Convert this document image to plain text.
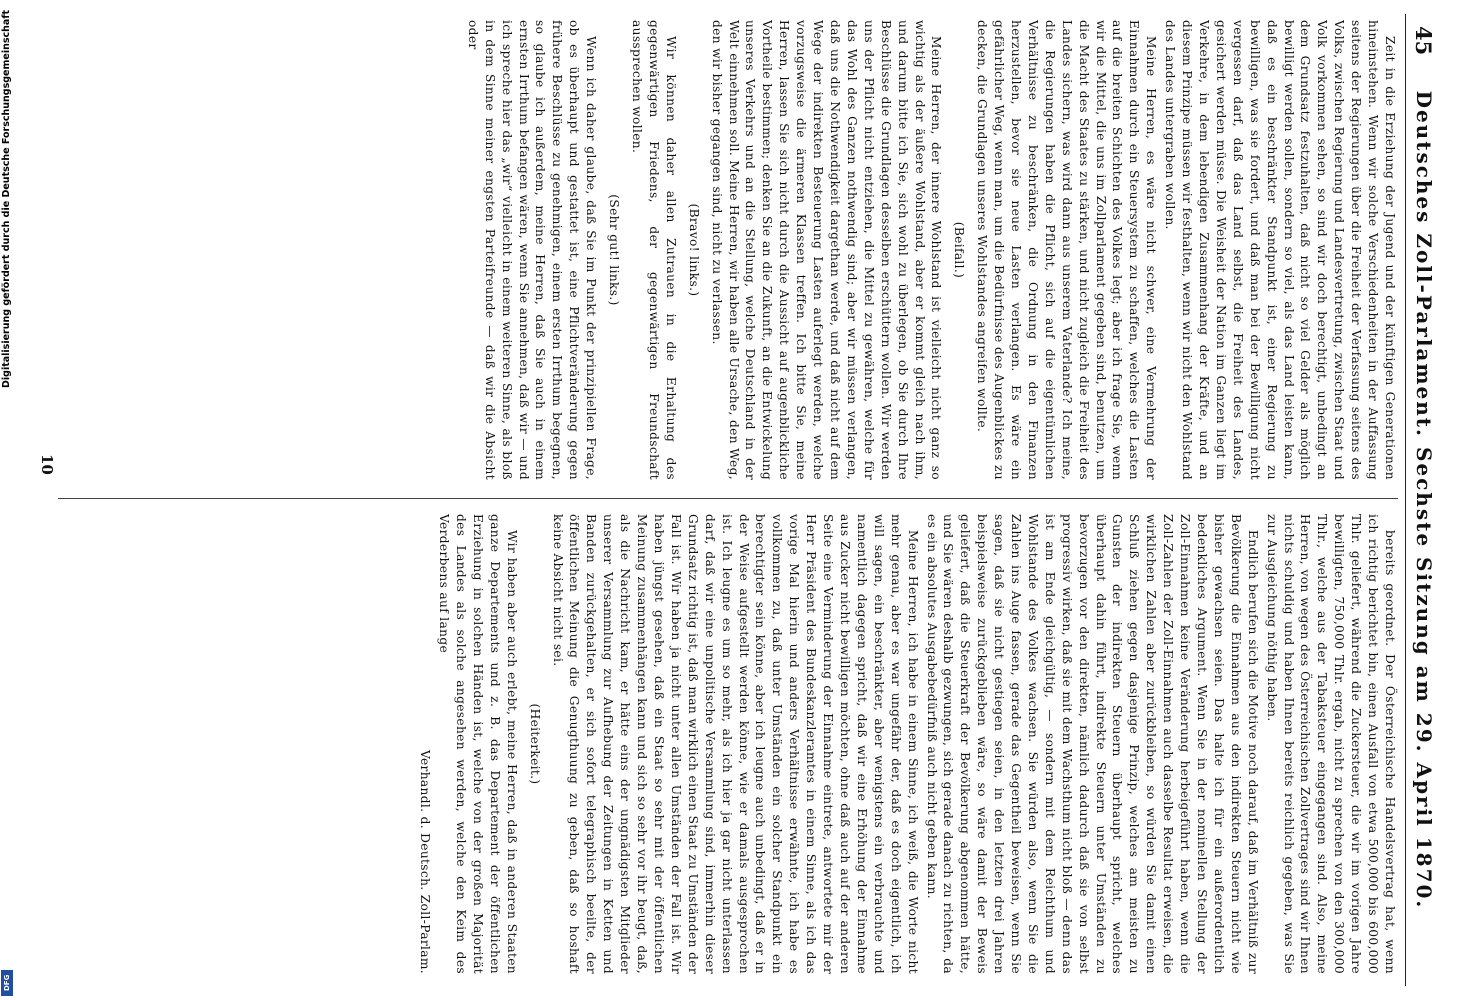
Digitalisierung gefördert durch die Deutsche Forschungsgemeinschaft
DFG
45
Deutsches Zoll-Parlament. Sechste Sitzung am 29. April 1870.

Zeit in die Erziehung der Jugend und der künftigen Generationen hineinstehen. Wenn wir solche Verschiedenheiten in der Auffassung seitens der Regierungen über die Freiheit der Verfassung seitens des Volks, zwischen Regierung und Landesvertretung, zwischen Staat und Volk vorkommen sehen, so sind wir doch berechtigt, unbedingt an dem Grundsatz festzuhalten, daß nicht so viel Gelder als möglich bewilligt werden sollen, sondern so viel, als das Land leisten kann, daß es ein beschränkter Standpunkt ist, einer Regierung zu bewilligen, was sie fordert, und daß man bei der Bewilligung nicht vergessen darf, daß das Land selbst, die Freiheit des Landes, gesichert werden müsse. Die Weisheit der Nation im Ganzen liegt im Verkehre, in dem lebendigen Zusammenhang der Kräfte, und an diesem Prinzipe müssen wir festhalten, wenn wir nicht den Wohlstand des Landes untergraben wollen.

Meine Herren, es wäre nicht schwer, eine Vermehrung der Einnahmen durch ein Steuersystem zu schaffen, welches die Lasten auf die breiten Schichten des Volkes legt; aber ich frage Sie, wenn wir die Mittel, die uns im Zollparlament gegeben sind, benutzen, um die Macht des Staates zu stärken, und nicht zugleich die Freiheit des Landes sichern, was wird dann aus unserem Vaterlande? Ich meine, die Regierungen haben die Pflicht, sich auf die eigentümlichen Verhältnisse zu beschränken, die Ordnung in den Finanzen herzustellen, bevor sie neue Lasten verlangen. Es wäre ein gefährlicher Weg, wenn man, um die Bedürfnisse des Augenblickes zu decken, die Grundlagen unseres Wohlstandes angreifen wollte.

(Beifall.)

Meine Herren, der innere Wohlstand ist vielleicht nicht ganz so wichtig als der äußere Wohlstand, aber er kommt gleich nach ihm, und darum bitte ich Sie, sich wohl zu überlegen, ob Sie durch Ihre Beschlüsse die Grundlagen desselben erschüttern wollen. Wir werden uns der Pflicht nicht entziehen, die Mittel zu gewähren, welche für das Wohl des Ganzen nothwendig sind; aber wir müssen verlangen, daß uns die Nothwendigkeit dargethan werde, und daß nicht auf dem Wege der indirekten Besteuerung Lasten auferlegt werden, welche vorzugsweise die ärmeren Klassen treffen. Ich bitte Sie, meine Herren, lassen Sie sich nicht durch die Aussicht auf augenblickliche Vortheile bestimmen; denken Sie an die Zukunft, an die Entwickelung unseres Verkehrs und an die Stellung, welche Deutschland in der Welt einnehmen soll. Meine Herren, wir haben alle Ursache, den Weg, den wir bisher gegangen sind, nicht zu verlassen.

(Bravo! links.)

Wir können daher allen Zutrauen in die Erhaltung des gegenwärtigen Friedens, der gegenwärtigen Freundschaft aussprechen wollen.

(Sehr gut! links.)

Wenn ich daher glaube, daß Sie im Punkt der prinzipiellen Frage, ob es überhaupt und gestattet ist, eine Pflichtveränderung gegen frühere Beschlüsse zu genehmigen, einem ersten Irrthum begegnen, so glaube ich außerdem, meine Herren, daß Sie auch in einem ernsten Irrthum befangen wären, wenn Sie annehmen, daß wir — und ich spreche hier das „wir“ vielleicht in einem weiteren Sinne, als bloß in dem Sinne meiner engsten Parteifreunde — daß wir die Absicht oder

bereits geordnet. Der Österreichische Handelsvertrag hat, wenn ich richtig berichtet bin, einen Ausfall von etwa 500,000 bis 600,000 Thlr. geliefert, während die Zuckersteuer, die wir im vorigen Jahre bewilligten, 750,000 Thlr. ergab, nicht zu sprechen von den 300,000 Thlr., welche aus der Tabaksteuer eingegangen sind. Also, meine Herren, von wegen des Österreichischen Zollvertrages sind wir Ihnen nichts schuldig und haben Ihnen bereits reichlich gegeben, was Sie zur Ausgleichung nöthig haben.

Endlich berufen sich die Motive noch darauf, daß im Verhältniß zur Bevölkerung die Einnahmen aus den indirekten Steuern nicht wie bisher gewachsen seien. Das halte ich für ein außerordentlich bedenkliches Argument. Wenn Sie in der nominellen Stellung der Zoll-Einnahmen keine Veränderung herbeigeführt haben, wenn die Zoll-Zahlen der Zoll-Einnahmen auch dasselbe Resultat erweisen, die wirklichen Zahlen aber zurückbleiben, so würden Sie damit einen Schluß ziehen gegen dasjenige Prinzip, welches am meisten zu Gunsten der indirekten Steuern überhaupt spricht, welches überhaupt dahin führt, indirekte Steuern unter Umständen zu bevorzugen vor den direkten, nämlich dadurch daß sie von selbst progressiv wirken, daß sie mit dem Wachsthum nicht bloß — denn das ist am Ende gleichgültig, — sondern mit dem Reichthum und Wohlstande des Volkes wachsen. Sie würden also, wenn Sie die Zahlen ins Auge fassen, gerade das Gegentheil beweisen, wenn Sie sagen, daß sie nicht gestiegen seien, in den letzten drei Jahren beispielsweise zurückgeblieben wäre, so wäre damit der Beweis geliefert, daß die Steuerkraft der Bevölkerung abgenommen hätte, und Sie wären deshalb gezwungen, sich gerade danach zu richten, da es ein absolutes Ausgabebedürfniß auch nicht geben kann.

Meine Herren, ich habe in einem Sinne, ich weiß, die Worte nicht mehr genau, aber es war ungefähr der, daß es doch eigentlich, ich will sagen, ein beschränkter, aber wenigstens ein verbrauchte und namentlich dagegen spricht, daß wir eine Erhöhung der Einnahme aus Zucker nicht bewilligen möchten, ohne daß auch auf der anderen Seite eine Verminderung der Einnahme eintrete, antwortete mir der Herr Präsident des Bundeskanzleramtes in einem Sinne, als ich das vorige Mal hierin und anders Verhältnisse erwähnte, ich habe es vollkommen zu, daß unter Umständen ein solcher Standpunkt ein berechtigter sein könne, aber ich leugne auch unbedingt, daß er in der Weise aufgestellt werden könne, wie er damals ausgesprochen ist. Ich leugne es um so mehr, als ich hier ja gar nicht unterlassen darf, daß wir eine unpolitische Versammlung sind, immerhin dieser Grundsatz richtig ist, daß man wirklich einen Staat zu Umständen der Fall ist. Wir haben ja nicht unter allen Umständen der Fall ist. Wir haben jüngst gesehen, daß ein Staat so sehr mit der öffentlichen Meinung zusammenhängen kann und sich so sehr vor ihr beugt, daß, als die Nachricht kam, er hätte eins der ungnädigsten Mitglieder unserer Versammlung zur Aufhebung der Zeitungen in Ketten und Banden zurückgehalten, er sich sofort telegraphisch beeilte, der öffentlichen Meinung die Genugthuung zu geben, daß so hoshaft keine Absicht nicht sei.

(Heiterkeit.)

Wir haben aber auch erlebt, meine Herren, daß in anderen Staaten ganze Departements und z. B. das Departement der öffentlichen Erziehung in solchen Händen ist, welche von der großen Majorität des Landes als solche angesehen werden, welche den Keim des Verderbens auf lange

Verhandl. d. Deutsch. Zoll-Parlam.

10
